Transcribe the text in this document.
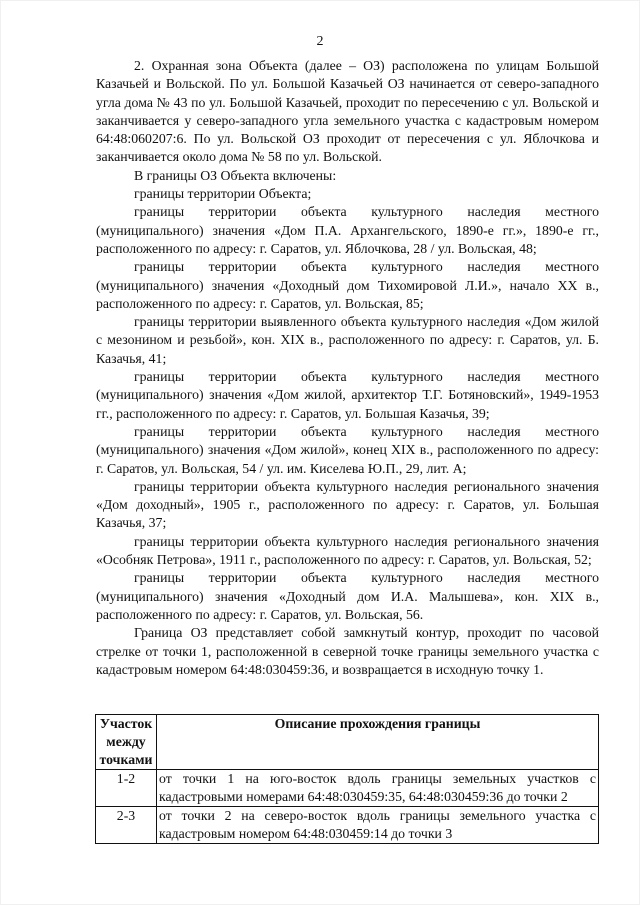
2

2. Охранная зона Объекта (далее – ОЗ) расположена по улицам Большой Казачьей и Вольской. По ул. Большой Казачьей ОЗ начинается от северо-западного угла дома № 43 по ул. Большой Казачьей, проходит по пересечению с ул. Вольской и заканчивается у северо-западного угла земельного участка с кадастровым номером 64:48:060207:6. По ул. Вольской ОЗ проходит от пересечения с ул. Яблочкова и заканчивается около дома № 58 по ул. Вольской.

В границы ОЗ Объекта включены:

границы территории Объекта;

границы территории объекта культурного наследия местного (муниципального) значения «Дом П.А. Архангельского, 1890-е гг.», 1890-е гг., расположенного по адресу: г. Саратов, ул. Яблочкова, 28 / ул. Вольская, 48;

границы территории объекта культурного наследия местного (муниципального) значения «Доходный дом Тихомировой Л.И.», начало XX в., расположенного по адресу: г. Саратов, ул. Вольская, 85;

границы территории выявленного объекта культурного наследия «Дом жилой с мезонином и резьбой», кон. XIX в., расположенного по адресу: г. Саратов, ул. Б. Казачья, 41;

границы территории объекта культурного наследия местного (муниципального) значения «Дом жилой, архитектор Т.Г. Ботяновский», 1949-1953 гг., расположенного по адресу: г. Саратов, ул. Большая Казачья, 39;

границы территории объекта культурного наследия местного (муниципального) значения «Дом жилой», конец XIX в., расположенного по адресу: г. Саратов, ул. Вольская, 54 / ул. им. Киселева Ю.П., 29, лит. А;

границы территории объекта культурного наследия регионального значения «Дом доходный», 1905 г., расположенного по адресу: г. Саратов, ул. Большая Казачья, 37;

границы территории объекта культурного наследия регионального значения «Особняк Петрова», 1911 г., расположенного по адресу: г. Саратов, ул. Вольская, 52;

границы территории объекта культурного наследия местного (муниципального) значения «Доходный дом И.А. Малышева», кон. XIX в., расположенного по адресу: г. Саратов, ул. Вольская, 56.

Граница ОЗ представляет собой замкнутый контур, проходит по часовой стрелке от точки 1, расположенной в северной точке границы земельного участка с кадастровым номером 64:48:030459:36, и возвращается в исходную точку 1.

Участок между точками	Описание прохождения границы
1-2	от точки 1 на юго-восток вдоль границы земельных участков с кадастровыми номерами 64:48:030459:35, 64:48:030459:36 до точки 2
2-3	от точки 2 на северо-восток вдоль границы земельного участка с кадастровым номером 64:48:030459:14 до точки 3
